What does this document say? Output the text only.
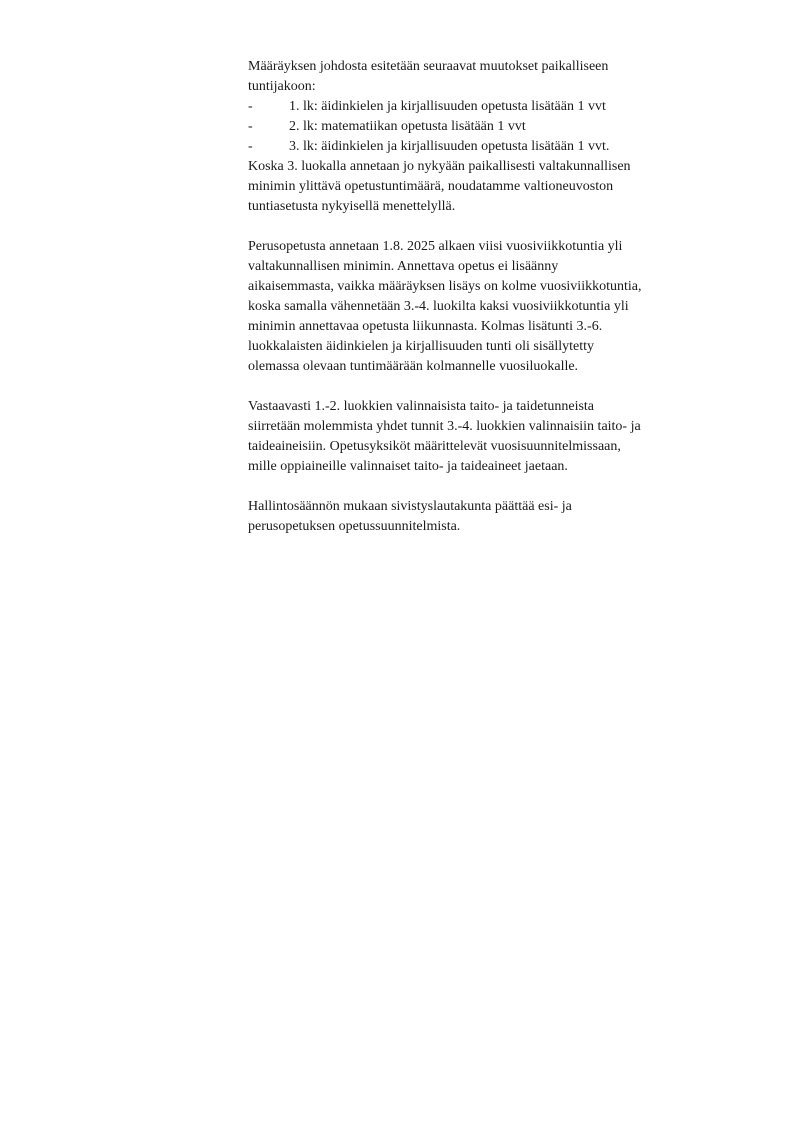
Määräyksen johdosta esitetään seuraavat muutokset paikalliseen
tuntijakoon:
-	1. lk: äidinkielen ja kirjallisuuden opetusta lisätään 1 vvt
-	2. lk: matematiikan opetusta lisätään 1 vvt
-	3. lk: äidinkielen ja kirjallisuuden opetusta lisätään 1 vvt.
Koska 3. luokalla annetaan jo nykyään paikallisesti valtakunnallisen
minimin ylittävä opetustuntimäärä, noudatamme valtioneuvoston
tuntiasetusta nykyisellä menettelyllä.
Perusopetusta annetaan 1.8. 2025 alkaen viisi vuosiviikkotuntia yli
valtakunnallisen minimin. Annettava opetus ei lisäänny
aikaisemmasta, vaikka määräyksen lisäys on kolme vuosiviikkotuntia,
koska samalla vähennetään 3.-4. luokilta kaksi vuosiviikkotuntia yli
minimin annettavaa opetusta liikunnasta. Kolmas lisätunti 3.-6.
luokkalaisten äidinkielen ja kirjallisuuden tunti oli sisällytetty
olemassa olevaan tuntimäärään kolmannelle vuosiluokalle.
Vastaavasti 1.-2. luokkien valinnaisista taito- ja taidetunneista
siirretään molemmista yhdet tunnit 3.-4. luokkien valinnaisiin taito- ja
taideaineisiin. Opetusyksiköt määrittelevät vuosisuunnitelmissaan,
mille oppiaineille valinnaiset taito- ja taideaineet jaetaan.
Hallintosäännön mukaan sivistyslautakunta päättää esi- ja
perusopetuksen opetussuunnitelmista.
